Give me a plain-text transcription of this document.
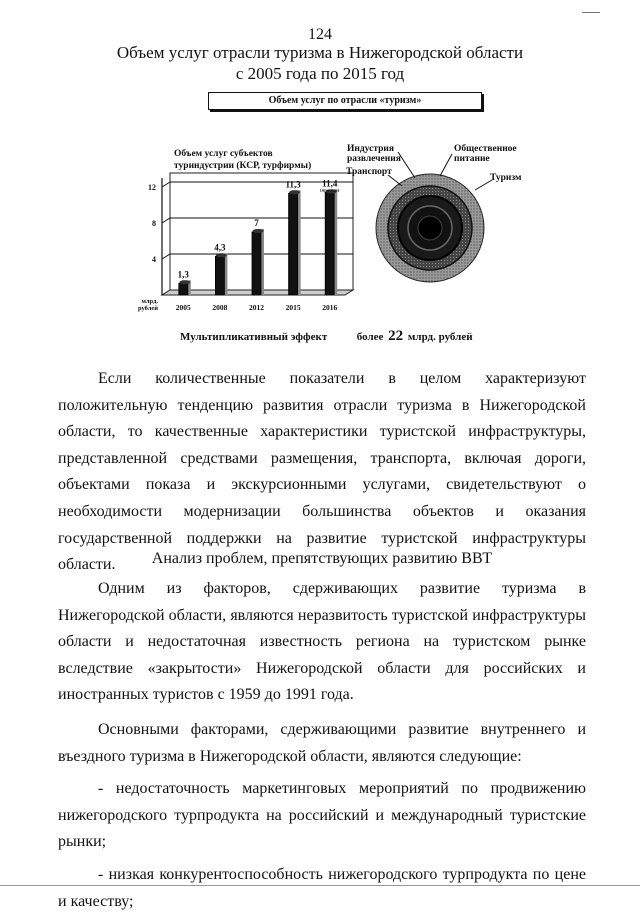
124
Объем услуг отрасли туризма в Нижегородской области
с 2005 года по 2015 год
Объем услуг по отрасли «туризм»
Объем услуг субъектов
туриндустрии (КСР, турфирмы)
4
8
12
млрд.
рублей
1,3
2005
4,3
2008
7
2012
11,3
2015
11,4
2016
(прогноз)
Индустрия
развлечения
Общественное
питание
Транспорт
Туризм
Мультипликативный эффект	более 22 млрд. рублей

Если количественные показатели в целом характеризуют положительную тенденцию развития отрасли туризма в Нижегородской области, то качественные характеристики туристской инфраструктуры, представленной средствами размещения, транспорта, включая дороги, объектами показа и экскурсионными услугами, свидетельствуют о необходимости модернизации большинства объектов и оказания государственной поддержки на развитие туристской инфраструктуры области.	Анализ проблем, препятствующих развитию ВВТ

Одним из факторов, сдерживающих развитие туризма в Нижегородской области, являются неразвитость туристской инфраструктуры области и недостаточная известность региона на туристском рынке вследствие «закрытости» Нижегородской области для российских и иностранных туристов с 1959 до 1991 года.

Основными факторами, сдерживающими развитие внутреннего и въездного туризма в Нижегородской области, являются следующие:

- недостаточность маркетинговых мероприятий по продвижению нижегородского турпродукта на российский и международный туристские рынки;

- низкая конкурентоспособность нижегородского турпродукта по цене и качеству;
